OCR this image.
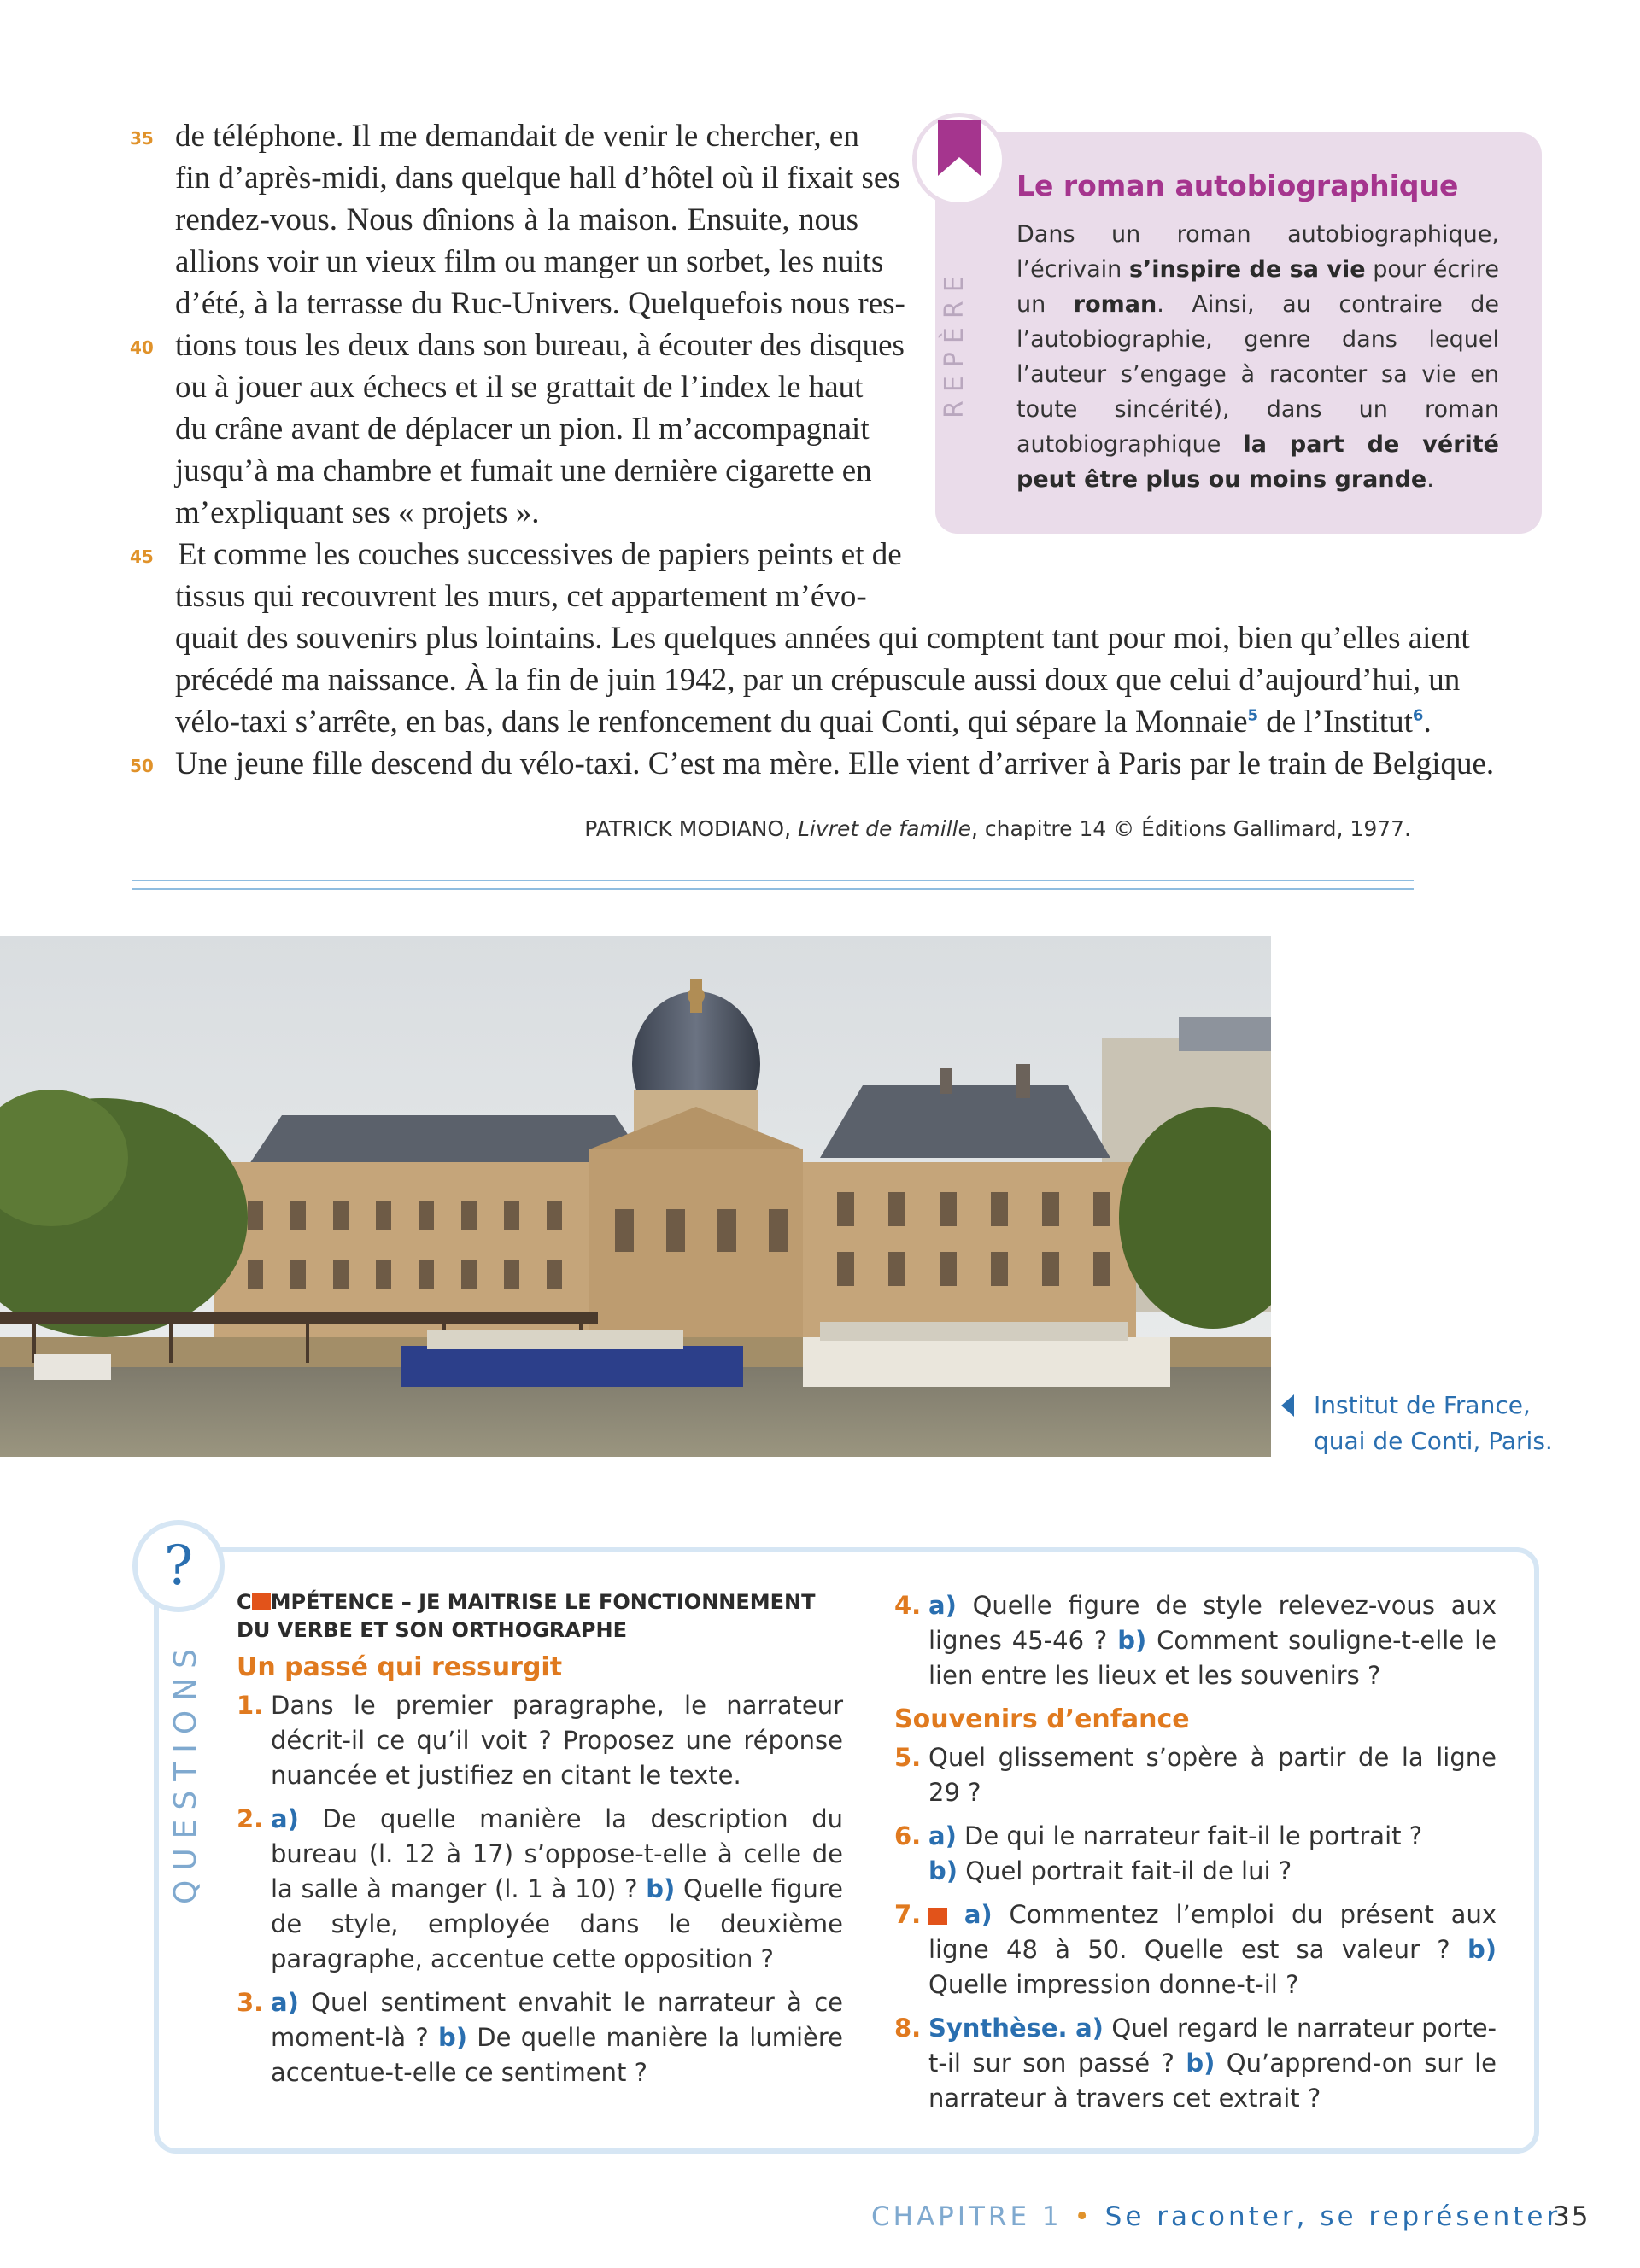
35 de téléphone. Il me demandait de venir le chercher, en
fin d’après-midi, dans quelque hall d’hôtel où il fixait ses
rendez-vous. Nous dînions à la maison. Ensuite, nous
allions voir un vieux film ou manger un sorbet, les nuits
d’été, à la terrasse du Ruc-Univers. Quelquefois nous res-
40 tions tous les deux dans son bureau, à écouter des disques
ou à jouer aux échecs et il se grattait de l’index le haut
du crâne avant de déplacer un pion. Il m’accompagnait
jusqu’à ma chambre et fumait une dernière cigarette en
m’expliquant ses « projets ».
45 Et comme les couches successives de papiers peints et de
tissus qui recouvrent les murs, cet appartement m’évo-
quait des souvenirs plus lointains. Les quelques années qui comptent tant pour moi, bien qu’elles aient
précédé ma naissance. À la fin de juin 1942, par un crépuscule aussi doux que celui d’aujourd’hui, un
vélo-taxi s’arrête, en bas, dans le renfoncement du quai Conti, qui sépare la Monnaie$^5$ de l’Institut$^6$.
50 Une jeune fille descend du vélo-taxi. C’est ma mère. Elle vient d’arriver à Paris par le train de Belgique.
PATRICK MODIANO, Livret de famille, chapitre 14 © Éditions Gallimard, 1977.
REPÈRE
Le roman autobiographique
Dans un roman autobiographique, l’écrivain s’inspire de sa vie pour écrire un roman. Ainsi, au contraire de l’autobiographie, genre dans lequel l’auteur s’engage à raconter sa vie en toute sincérité), dans un roman autobiographique la part de vérité peut être plus ou moins grande.
Institut de France,
quai de Conti, Paris.
?
QUESTIONS
C MPÉTENCE – JE MAITRISE LE FONCTIONNEMENT DU VERBE ET SON ORTHOGRAPHE
Un passé qui ressurgit
1. Dans le premier paragraphe, le narrateur décrit-il ce qu’il voit ? Proposez une réponse nuancée et justifiez en citant le texte.
2. a) De quelle manière la description du bureau (l. 12 à 17) s’oppose-t-elle à celle de la salle à manger (l. 1 à 10) ? b) Quelle figure de style, employée dans le deuxième paragraphe, accentue cette opposition ?
3. a) Quel sentiment envahit le narrateur à ce moment-là ? b) De quelle manière la lumière accentue-t-elle ce sentiment ?
4. a) Quelle figure de style relevez-vous aux lignes 45-46 ? b) Comment souligne-t-elle le lien entre les lieux et les souvenirs ?
Souvenirs d’enfance
5. Quel glissement s’opère à partir de la ligne 29 ?
6. a) De qui le narrateur fait-il le portrait ?
b) Quel portrait fait-il de lui ?
7.	a) Commentez l’emploi du présent aux ligne 48 à 50. Quelle est sa valeur ? b) Quelle impression donne-t-il ?
8. Synthèse. a) Quel regard le narrateur porte-t-il sur son passé ? b) Qu’apprend-on sur le narrateur à travers cet extrait ?
CHAPITRE 1 • Se raconter, se représenter
35
